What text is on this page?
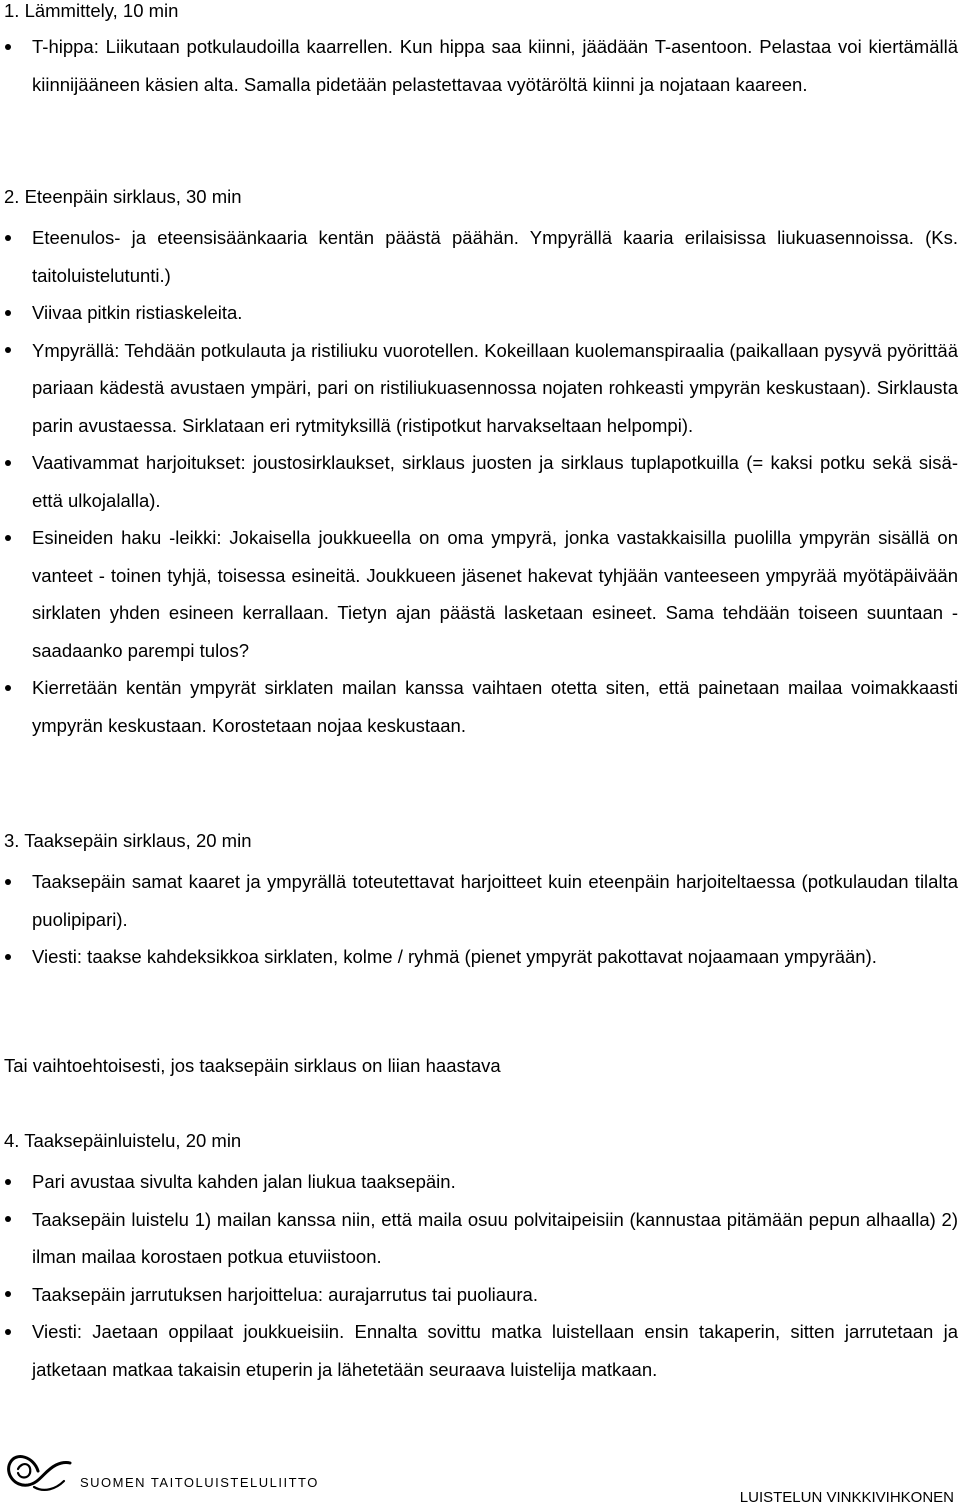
1. Lämmittely, 10 min
T-hippa: Liikutaan potkulaudoilla kaarrellen. Kun hippa saa kiinni, jäädään T-asentoon. Pelastaa voi kiertämällä kiinnijääneen käsien alta. Samalla pidetään pelastettavaa vyötäröltä kiinni ja nojataan kaareen.
2. Eteenpäin sirklaus, 30 min
Eteenulos- ja eteensisäänkaaria kentän päästä päähän. Ympyrällä kaaria erilaisissa liukuasennoissa. (Ks. taitoluistelutunti.)
Viivaa pitkin ristiaskeleita.
Ympyrällä: Tehdään potkulauta ja ristiliuku vuorotellen. Kokeillaan kuolemanspiraalia (paikallaan pysyvä pyörittää pariaan kädestä avustaen ympäri, pari on ristiliukuasennossa nojaten rohkeasti ympyrän keskustaan). Sirklausta parin avustaessa. Sirklataan eri rytmityksillä (ristipotkut harvakseltaan helpompi).
Vaativammat harjoitukset: joustosirklaukset, sirklaus juosten ja sirklaus tuplapotkuilla (= kaksi potku sekä sisä- että ulkojalalla).
Esineiden haku -leikki: Jokaisella joukkueella on oma ympyrä, jonka vastakkaisilla puolilla ympyrän sisällä on vanteet - toinen tyhjä, toisessa esineitä. Joukkueen jäsenet hakevat tyhjään vanteeseen ympyrää myötäpäivään sirklaten yhden esineen kerrallaan. Tietyn ajan päästä lasketaan esineet. Sama tehdään toiseen suuntaan - saadaanko parempi tulos?
Kierretään kentän ympyrät sirklaten mailan kanssa vaihtaen otetta siten, että painetaan mailaa voimakkaasti ympyrän keskustaan. Korostetaan nojaa keskustaan.
3. Taaksepäin sirklaus, 20 min
Taaksepäin samat kaaret ja ympyrällä toteutettavat harjoitteet kuin eteenpäin harjoiteltaessa (potkulaudan tilalta puolipipari).
Viesti: taakse kahdeksikkoa sirklaten, kolme / ryhmä (pienet ympyrät pakottavat nojaamaan ympyrään).

Tai vaihtoehtoisesti, jos taaksepäin sirklaus on liian haastava

4. Taaksepäinluistelu, 20 min
Pari avustaa sivulta kahden jalan liukua taaksepäin.
Taaksepäin luistelu 1) mailan kanssa niin, että maila osuu polvitaipeisiin (kannustaa pitämään pepun alhaalla) 2) ilman mailaa korostaen potkua etuviistoon.
Taaksepäin jarrutuksen harjoittelua: aurajarrutus tai puoliaura.
Viesti: Jaetaan oppilaat joukkueisiin. Ennalta sovittu matka luistellaan ensin takaperin, sitten jarrutetaan ja jatketaan matkaa takaisin etuperin ja lähetetään seuraava luistelija matkaan.
SUOMEN TAITOLUISTELULIITTO
LUISTELUN VINKKIVIHKONEN
